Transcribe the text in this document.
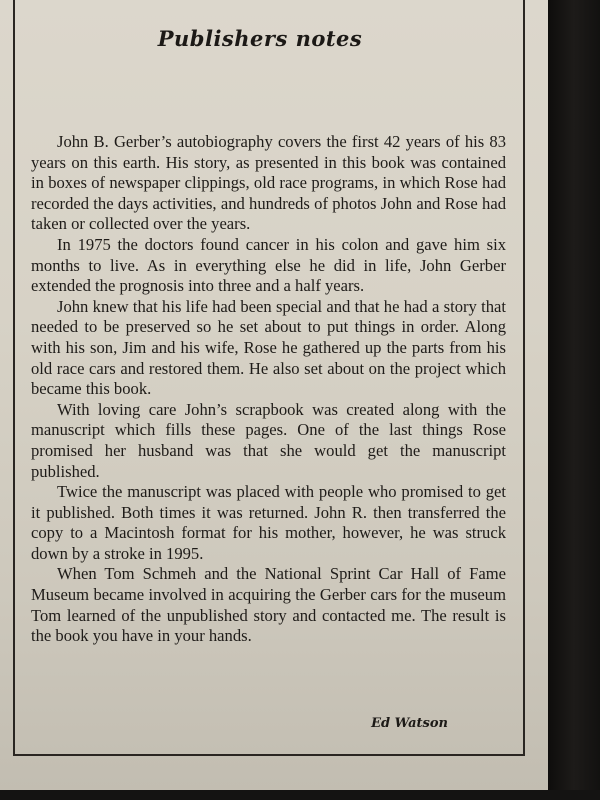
Publishers notes

John B. Gerber’s autobiography covers the first 42 years of his 83 years on this earth. His story, as presented in this book was contained in boxes of newspaper clippings, old race programs, in which Rose had recorded the days activities, and hundreds of photos John and Rose had taken or collected over the years.

In 1975 the doctors found cancer in his colon and gave him six months to live. As in everything else he did in life, John Gerber extended the prognosis into three and a half years.

John knew that his life had been special and that he had a story that needed to be preserved so he set about to put things in order. Along with his son, Jim and his wife, Rose he gathered up the parts from his old race cars and restored them. He also set about on the project which became this book.

With loving care John’s scrapbook was created along with the manuscript which fills these pages. One of the last things Rose promised her husband was that she would get the manuscript published.

Twice the manuscript was placed with people who promised to get it published. Both times it was returned. John R. then transferred the copy to a Macintosh format for his mother, however, he was struck down by a stroke in 1995.

When Tom Schmeh and the National Sprint Car Hall of Fame Museum became involved in acquiring the Gerber cars for the museum Tom learned of the unpublished story and contacted me. The result is the book you have in your hands.

Ed Watson
